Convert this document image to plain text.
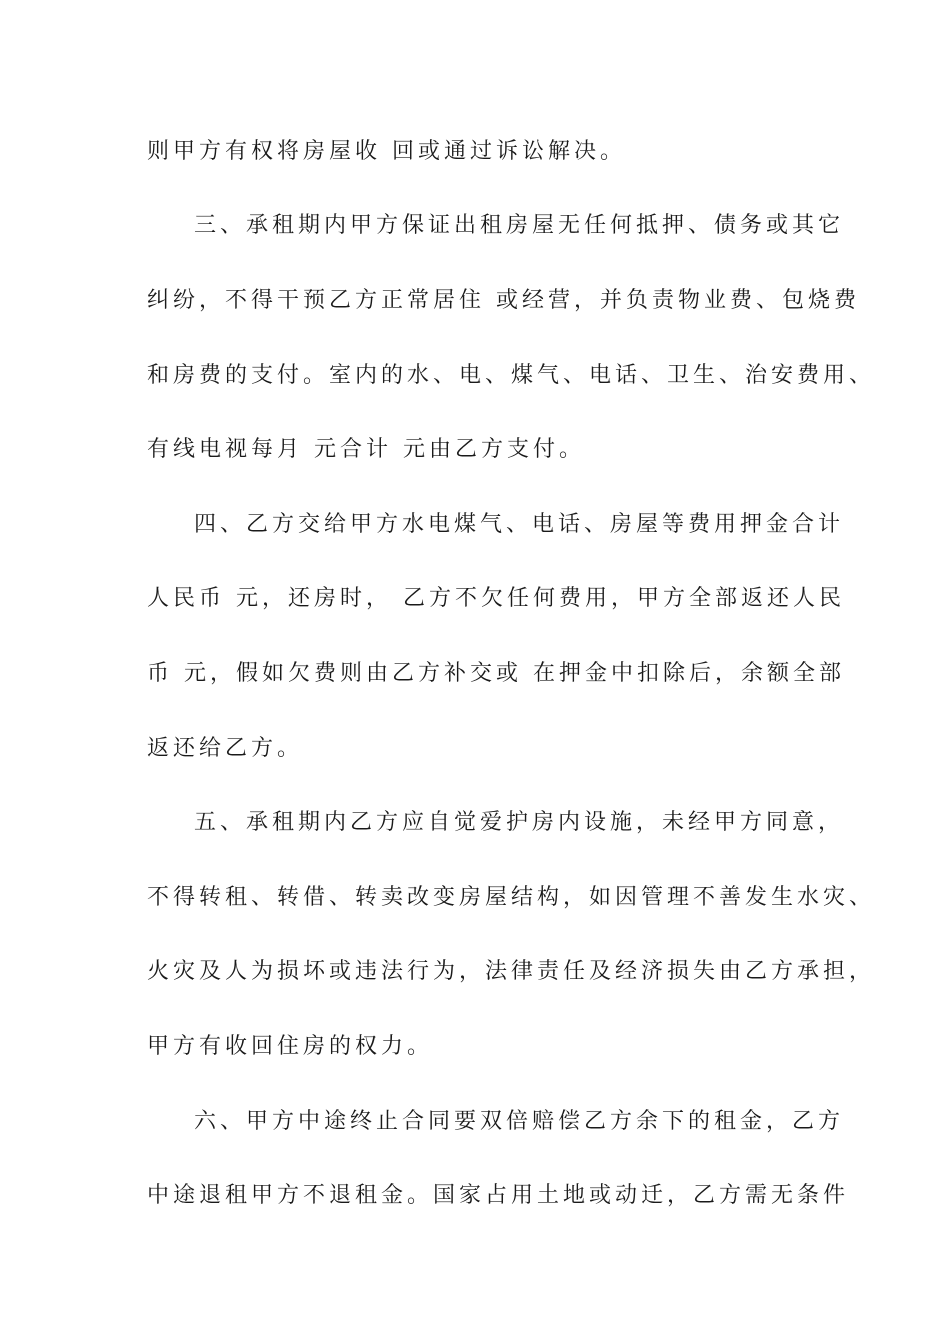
则甲方有权将房屋收 回或通过诉讼解决。
三、承租期内甲方保证出租房屋无任何抵押、债务或其它
纠纷，不得干预乙方正常居住 或经营，并负责物业费、包烧费
和房费的支付。室内的水、电、煤气、电话、卫生、治安费用、
有线电视每月 元合计 元由乙方支付。
四、乙方交给甲方水电煤气、电话、房屋等费用押金合计
人民币 元，还房时， 乙方不欠任何费用，甲方全部返还人民
币 元，假如欠费则由乙方补交或 在押金中扣除后，余额全部
返还给乙方。
五、承租期内乙方应自觉爱护房内设施，未经甲方同意，
不得转租、转借、转卖改变房屋结构，如因管理不善发生水灾、
火灾及人为损坏或违法行为，法律责任及经济损失由乙方承担，
甲方有收回住房的权力。
六、甲方中途终止合同要双倍赔偿乙方余下的租金，乙方
中途退租甲方不退租金。国家占用土地或动迁，乙方需无条件
